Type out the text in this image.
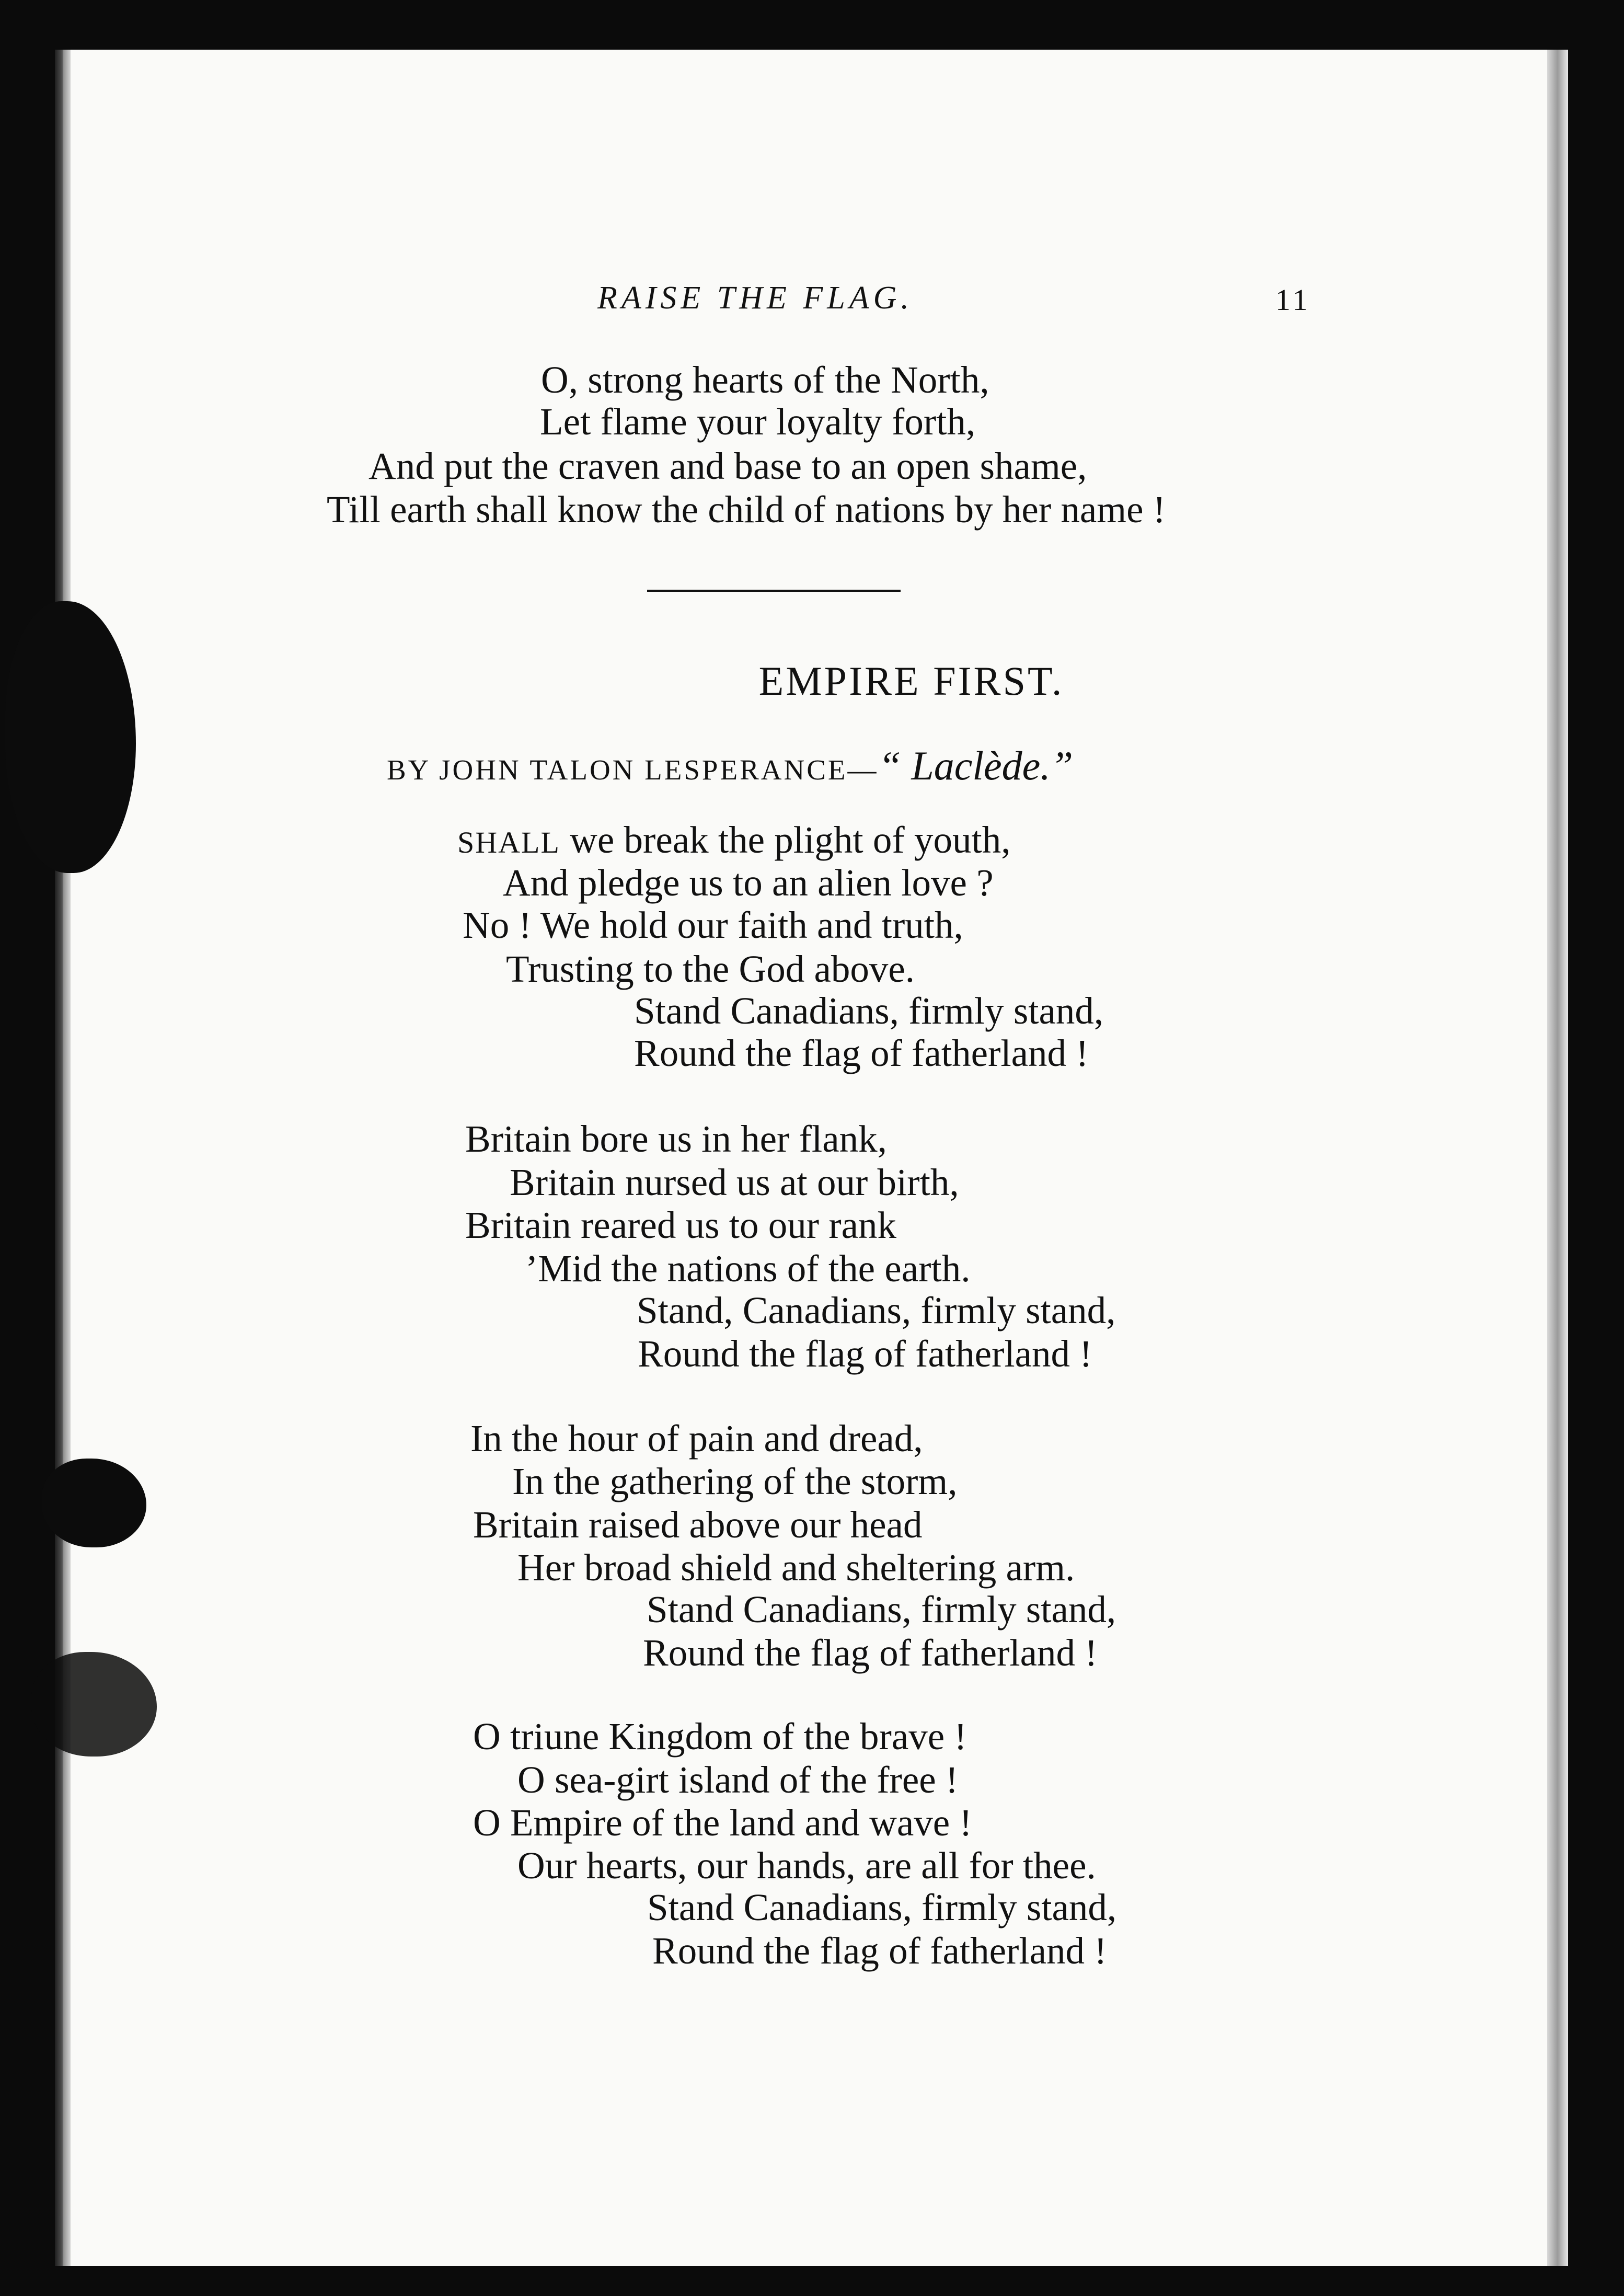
RAISE THE FLAG.	11
O, strong hearts of the North,
Let flame your loyalty forth,
And put the craven and base to an open shame,
Till earth shall know the child of nations by her name !
EMPIRE FIRST.
BY JOHN TALON LESPERANCE—“ Laclède.”
SHALL we break the plight of youth,
And pledge us to an alien love ?
No ! We hold our faith and truth,
Trusting to the God above.
Stand Canadians, firmly stand,
Round the flag of fatherland !
Britain bore us in her flank,
Britain nursed us at our birth,
Britain reared us to our rank
’Mid the nations of the earth.
Stand, Canadians, firmly stand,
Round the flag of fatherland !
In the hour of pain and dread,
In the gathering of the storm,
Britain raised above our head
Her broad shield and sheltering arm.
Stand Canadians, firmly stand,
Round the flag of fatherland !
O triune Kingdom of the brave !
O sea-girt island of the free !
O Empire of the land and wave !
Our hearts, our hands, are all for thee.
Stand Canadians, firmly stand,
Round the flag of fatherland !
